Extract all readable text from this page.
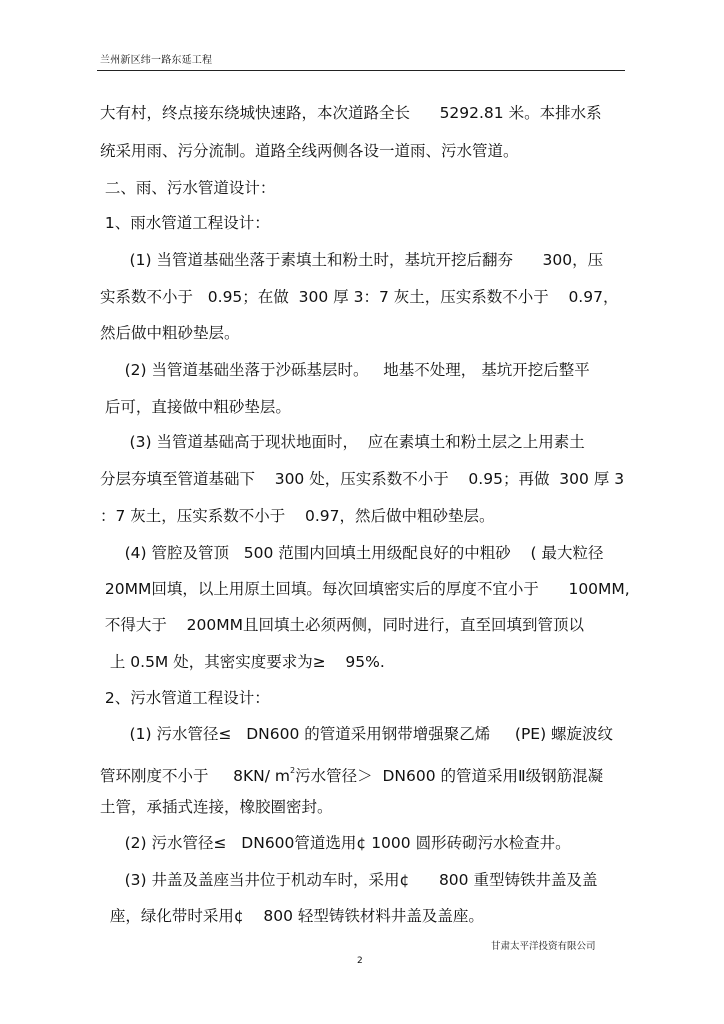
兰州新区纬一路东延工程
大有村，终点接东绕城快速路，本次道路全长      5292.81 米。本排水系
统采用雨、污分流制。道路全线两侧各设一道雨、污水管道。
二、雨、污水管道设计：
1、雨水管道工程设计：
(1) 当管道基础坐落于素填土和粉土时，基坑开挖后翻夯      300，压
实系数不小于   0.95；在做  300 厚 3：7 灰土，压实系数不小于    0.97，
然后做中粗砂垫层。
(2) 当管道基础坐落于沙砾基层时。   地基不处理， 基坑开挖后整平
后可，直接做中粗砂垫层。
(3) 当管道基础高于现状地面时，  应在素填土和粉土层之上用素土
分层夯填至管道基础下    300 处，压实系数不小于    0.95；再做  300 厚 3
：7 灰土，压实系数不小于    0.97，然后做中粗砂垫层。
(4) 管腔及管顶   500 范围内回填土用级配良好的中粗砂    ( 最大粒径
20MM回填，以上用原土回填。每次回填密实后的厚度不宜小于      100MM,
不得大于    200MM且回填土必须两侧，同时进行，直至回填到管顶以
上 0.5M 处，其密实度要求为≥    95%.
2、污水管道工程设计：
(1) 污水管径≤   DN600 的管道采用钢带增强聚乙烯     (PE) 螺旋波纹
管环刚度不小于     8KN/ $m^2$污水管径＞  DN600 的管道采用Ⅱ级钢筋混凝
土管，承插式连接，橡胶圈密封。
(2) 污水管径≤   DN600管道选用¢ 1000 圆形砖砌污水检查井。
(3) 井盖及盖座当井位于机动车时，采用¢      800 重型铸铁井盖及盖
座，绿化带时采用¢    800 轻型铸铁材料井盖及盖座。
甘肃太平洋投资有限公司
2
